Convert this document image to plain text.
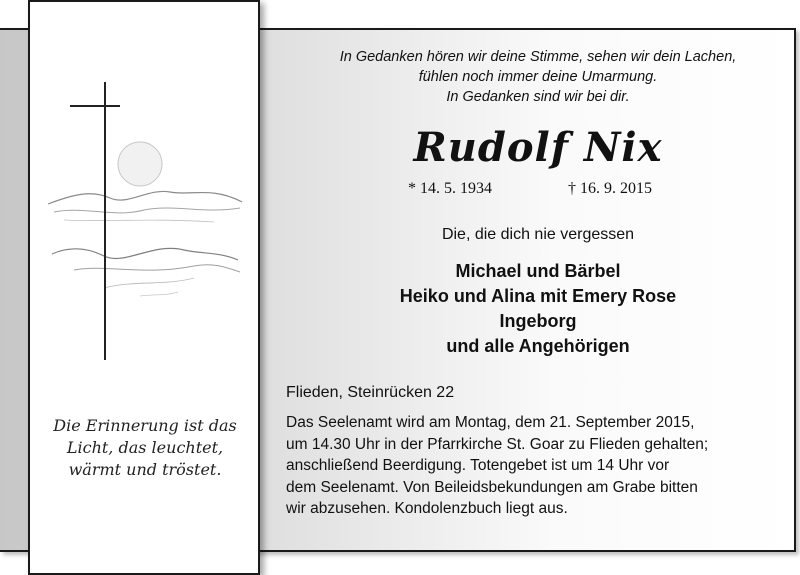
Die Erinnerung ist das
Licht, das leuchtet,
wärmt und tröstet.
In Gedanken hören wir deine Stimme, sehen wir dein Lachen,
fühlen noch immer deine Umarmung.
In Gedanken sind wir bei dir.
Rudolf Nix
* 14. 5. 1934	† 16. 9. 2015
Die, die dich nie vergessen
Michael und Bärbel
Heiko und Alina mit Emery Rose
Ingeborg
und alle Angehörigen
Flieden, Steinrücken 22
Das Seelenamt wird am Montag, dem 21. September 2015,
um 14.30 Uhr in der Pfarrkirche St. Goar zu Flieden gehalten;
anschließend Beerdigung. Totengebet ist um 14 Uhr vor
dem Seelenamt. Von Beileidsbekundungen am Grabe bitten
wir abzusehen. Kondolenzbuch liegt aus.
